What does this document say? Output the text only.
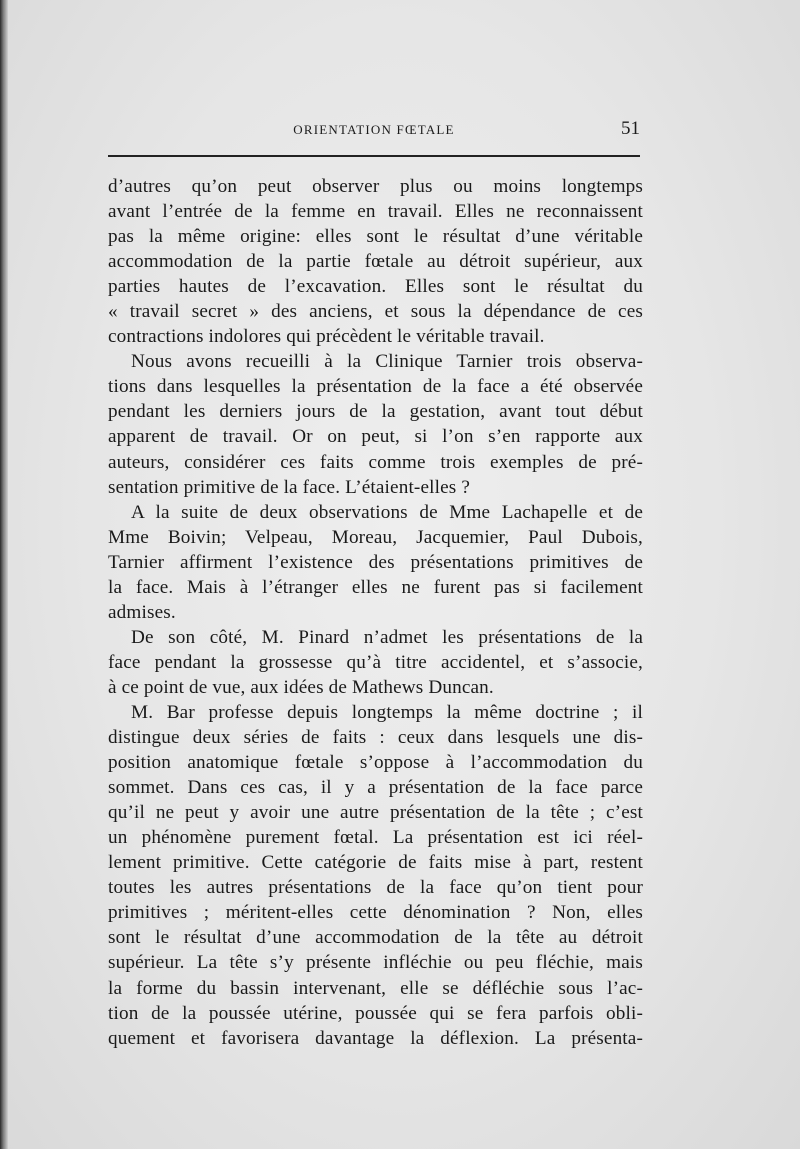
ORIENTATION FŒTALE	51
d’autres qu’on peut observer plus ou moins longtemps
avant l’entrée de la femme en travail. Elles ne reconnaissent
pas la même origine: elles sont le résultat d’une véritable
accommodation de la partie fœtale au détroit supérieur, aux
parties hautes de l’excavation. Elles sont le résultat du
« travail secret » des anciens, et sous la dépendance de ces
contractions indolores qui précèdent le véritable travail.
Nous avons recueilli à la Clinique Tarnier trois observa-
tions dans lesquelles la présentation de la face a été observée
pendant les derniers jours de la gestation, avant tout début
apparent de travail. Or on peut, si l’on s’en rapporte aux
auteurs, considérer ces faits comme trois exemples de pré-
sentation primitive de la face. L’étaient-elles ?
A la suite de deux observations de Mme Lachapelle et de
Mme Boivin; Velpeau, Moreau, Jacquemier, Paul Dubois,
Tarnier affirment l’existence des présentations primitives de
la face. Mais à l’étranger elles ne furent pas si facilement
admises.
De son côté, M. Pinard n’admet les présentations de la
face pendant la grossesse qu’à titre accidentel, et s’associe,
à ce point de vue, aux idées de Mathews Duncan.
M. Bar professe depuis longtemps la même doctrine ; il
distingue deux séries de faits : ceux dans lesquels une dis-
position anatomique fœtale s’oppose à l’accommodation du
sommet. Dans ces cas, il y a présentation de la face parce
qu’il ne peut y avoir une autre présentation de la tête ; c’est
un phénomène purement fœtal. La présentation est ici réel-
lement primitive. Cette catégorie de faits mise à part, restent
toutes les autres présentations de la face qu’on tient pour
primitives ; méritent-elles cette dénomination ? Non, elles
sont le résultat d’une accommodation de la tête au détroit
supérieur. La tête s’y présente infléchie ou peu fléchie, mais
la forme du bassin intervenant, elle se défléchie sous l’ac-
tion de la poussée utérine, poussée qui se fera parfois obli-
quement et favorisera davantage la déflexion. La présenta-
